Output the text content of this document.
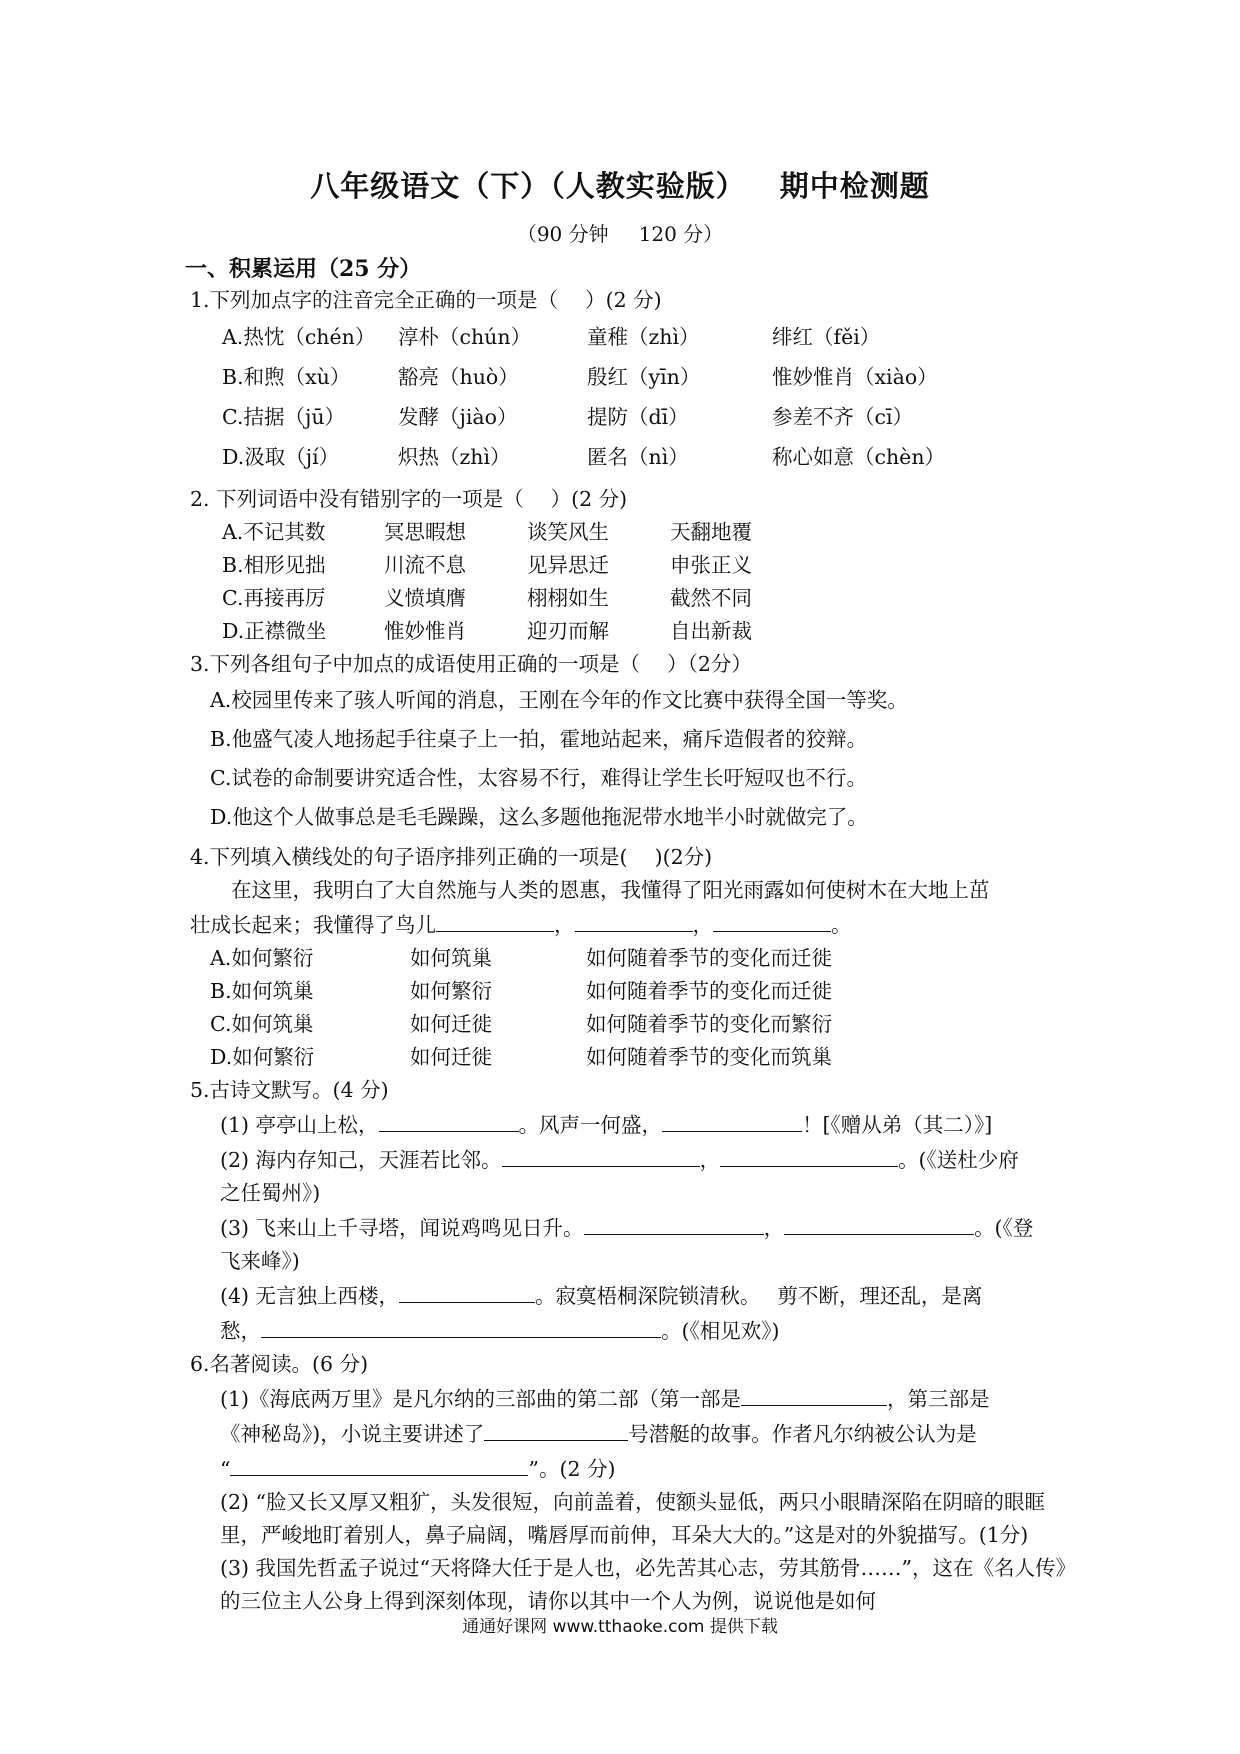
八年级语文（下）（人教实验版） 期中检测题
（90 分钟 120 分）
一、积累运用（25 分）
1.下列加点字的注音完全正确的一项是（　 ）(2 分)
A.热忱（chén） 淳朴（chún）	童稚（zhì）	绯红（fěi）
B.和煦（xù） 豁亮（huò）	殷红（yīn）	惟妙惟肖（xiào）
C.拮据（jū）	发酵（jiào）	提防（dī）	参差不齐（cī）
D.汲取（jí）	炽热（zhì）	匿名（nì）	称心如意（chèn）
2. 下列词语中没有错别字的一项是（　 ）(2 分)
A.不记其数	冥思暇想	谈笑风生	天翻地覆
B.相形见拙	川流不息	见异思迁	申张正义
C.再接再厉	义愤填膺	栩栩如生	截然不同
D.正襟微坐	惟妙惟肖	迎刃而解	自出新裁
3.下列各组句子中加点的成语使用正确的一项是（　 ）（2分）
A.校园里传来了骇人听闻的消息，王刚在今年的作文比赛中获得全国一等奖。
B.他盛气凌人地扬起手往桌子上一拍，霍地站起来，痛斥造假者的狡辩。
C.试卷的命制要讲究适合性，太容易不行，难得让学生长吁短叹也不行。
D.他这个人做事总是毛毛躁躁，这么多题他拖泥带水地半小时就做完了。
4.下列填入横线处的句子语序排列正确的一项是(　 )(2分)
在这里，我明白了大自然施与人类的恩惠，我懂得了阳光雨露如何使树木在大地上茁
壮成长起来；我懂得了鸟儿	，	，	。
A.如何繁衍	如何筑巢	如何随着季节的变化而迁徙
B.如何筑巢	如何繁衍	如何随着季节的变化而迁徙
C.如何筑巢	如何迁徙	如何随着季节的变化而繁衍
D.如何繁衍	如何迁徙	如何随着季节的变化而筑巢
5.古诗文默写。(4 分)
(1) 亭亭山上松，	。风声一何盛，	！[《赠从弟（其二）》]
(2) 海内存知己，天涯若比邻。	，	。(《送杜少府
之任蜀州》)
(3) 飞来山上千寻塔，闻说鸡鸣见日升。	，	。(《登
飞来峰》)
(4) 无言独上西楼，	。寂寞梧桐深院锁清秋。　 剪不断，理还乱，是离
愁，	。(《相见欢》)
6.名著阅读。(6 分)
(1)《海底两万里》是凡尔纳的三部曲的第二部（第一部是	，第三部是
《神秘岛》)，小说主要讲述了	号潜艇的故事。作者凡尔纳被公认为是
“	”。(2 分)
(2) “脸又长又厚又粗犷，头发很短，向前盖着，使额头显低，两只小眼睛深陷在阴暗的眼眶里，严峻地盯着别人，鼻子扁阔，嘴唇厚而前伸，耳朵大大的。”这是对的外貌描写。(1分)
(3) 我国先哲孟子说过“天将降大任于是人也，必先苦其心志，劳其筋骨……”，这在《名人传》的三位主人公身上得到深刻体现，请你以其中一个人为例，说说他是如何
通通好课网 www.tthaoke.com 提供下载
